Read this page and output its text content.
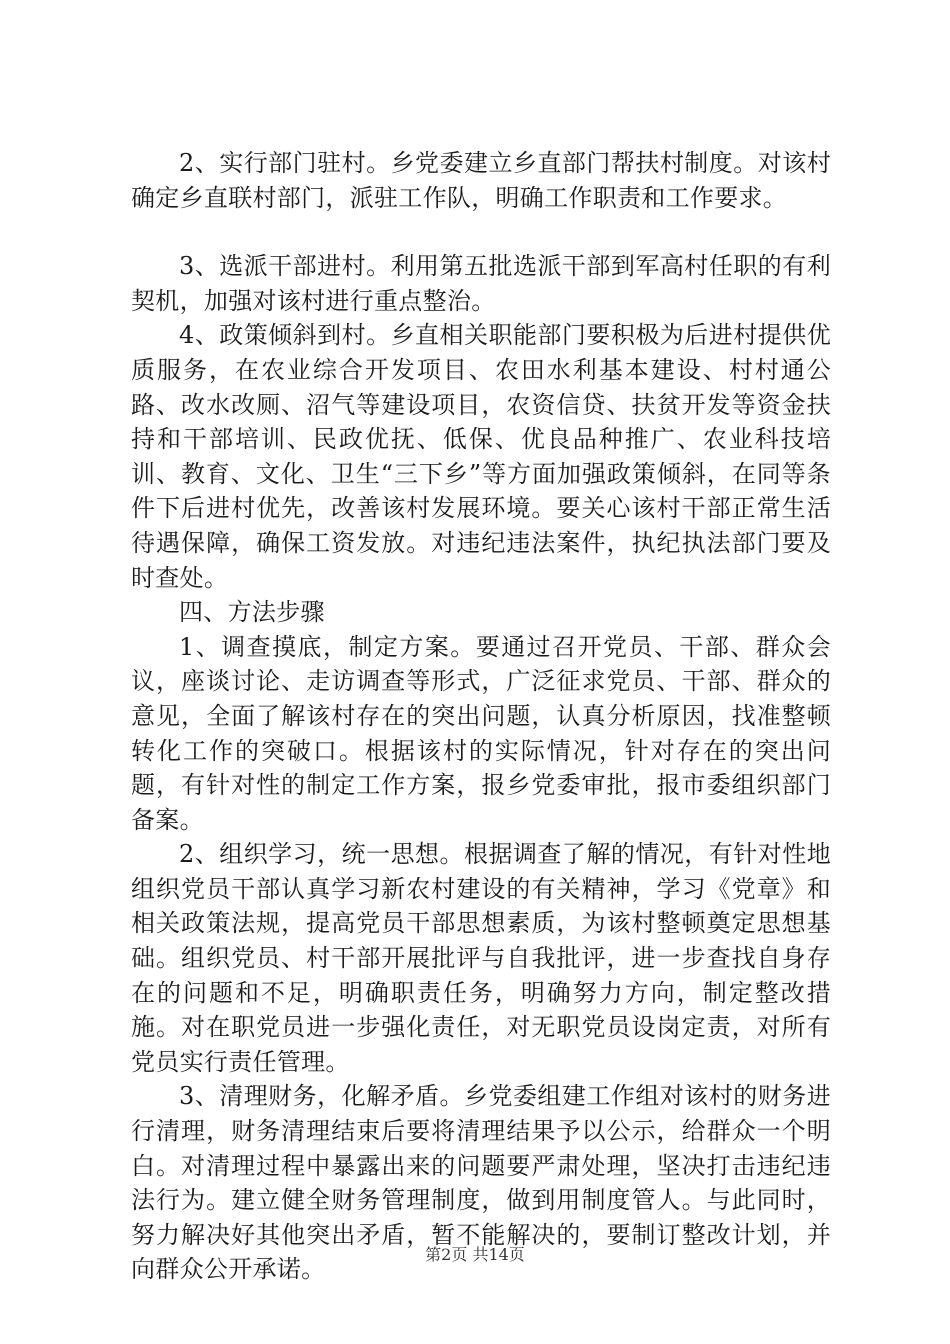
2、实行部门驻村。乡党委建立乡直部门帮扶村制度。对该村确定乡直联村部门，派驻工作队，明确工作职责和工作要求。

3、选派干部进村。利用第五批选派干部到军高村任职的有利契机，加强对该村进行重点整治。

4、政策倾斜到村。乡直相关职能部门要积极为后进村提供优质服务，在农业综合开发项目、农田水利基本建设、村村通公路、改水改厕、沼气等建设项目，农资信贷、扶贫开发等资金扶持和干部培训、民政优抚、低保、优良品种推广、农业科技培训、教育、文化、卫生“三下乡”等方面加强政策倾斜，在同等条件下后进村优先，改善该村发展环境。要关心该村干部正常生活待遇保障，确保工资发放。对违纪违法案件，执纪执法部门要及时查处。

四、方法步骤

1、调查摸底，制定方案。要通过召开党员、干部、群众会议，座谈讨论、走访调查等形式，广泛征求党员、干部、群众的意见，全面了解该村存在的突出问题，认真分析原因，找准整顿转化工作的突破口。根据该村的实际情况，针对存在的突出问题，有针对性的制定工作方案，报乡党委审批，报市委组织部门备案。

2、组织学习，统一思想。根据调查了解的情况，有针对性地组织党员干部认真学习新农村建设的有关精神，学习《党章》和相关政策法规，提高党员干部思想素质，为该村整顿奠定思想基础。组织党员、村干部开展批评与自我批评，进一步查找自身存在的问题和不足，明确职责任务，明确努力方向，制定整改措施。对在职党员进一步强化责任，对无职党员设岗定责，对所有党员实行责任管理。

3、清理财务，化解矛盾。乡党委组建工作组对该村的财务进行清理，财务清理结束后要将清理结果予以公示，给群众一个明白。对清理过程中暴露出来的问题要严肃处理，坚决打击违纪违法行为。建立健全财务管理制度，做到用制度管人。与此同时，努力解决好其他突出矛盾，暂不能解决的，要制订整改计划，并向群众公开承诺。

第2页 共14页
